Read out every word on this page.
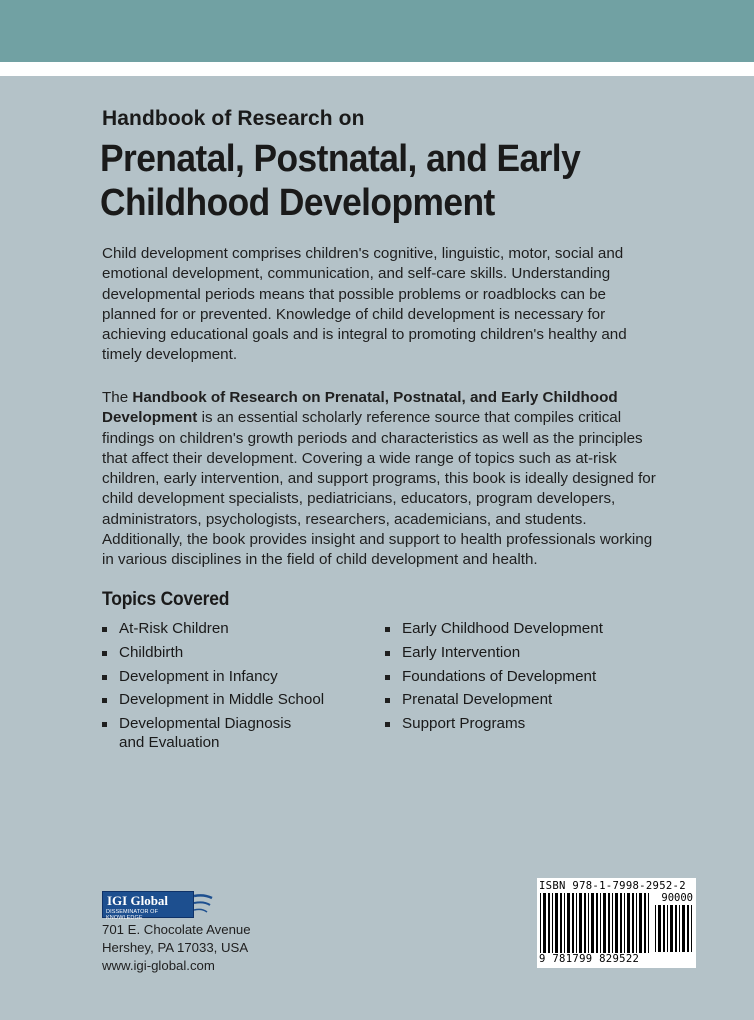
Handbook of Research on
Prenatal, Postnatal, and Early
Childhood Development
Child development comprises children's cognitive, linguistic, motor, social and emotional development, communication, and self-care skills. Understanding developmental periods means that possible problems or roadblocks can be planned for or prevented. Knowledge of child development is necessary for achieving educational goals and is integral to promoting children's healthy and timely development.
The Handbook of Research on Prenatal, Postnatal, and Early Childhood Development is an essential scholarly reference source that compiles critical findings on children's growth periods and characteristics as well as the principles that affect their development. Covering a wide range of topics such as at-risk children, early intervention, and support programs, this book is ideally designed for child development specialists, pediatricians, educators, program developers, administrators, psychologists, researchers, academicians, and students. Additionally, the book provides insight and support to health professionals working in various disciplines in the field of child development and health.
Topics Covered
At-Risk Children
Childbirth
Development in Infancy
Development in Middle School
Developmental Diagnosis and Evaluation
Early Childhood Development
Early Intervention
Foundations of Development
Prenatal Development
Support Programs
IGI Global
DISSEMINATOR OF KNOWLEDGE
701 E. Chocolate Avenue
Hershey, PA 17033, USA
www.igi-global.com
ISBN 978-1-7998-2952-2
90000
9 781799 829522
